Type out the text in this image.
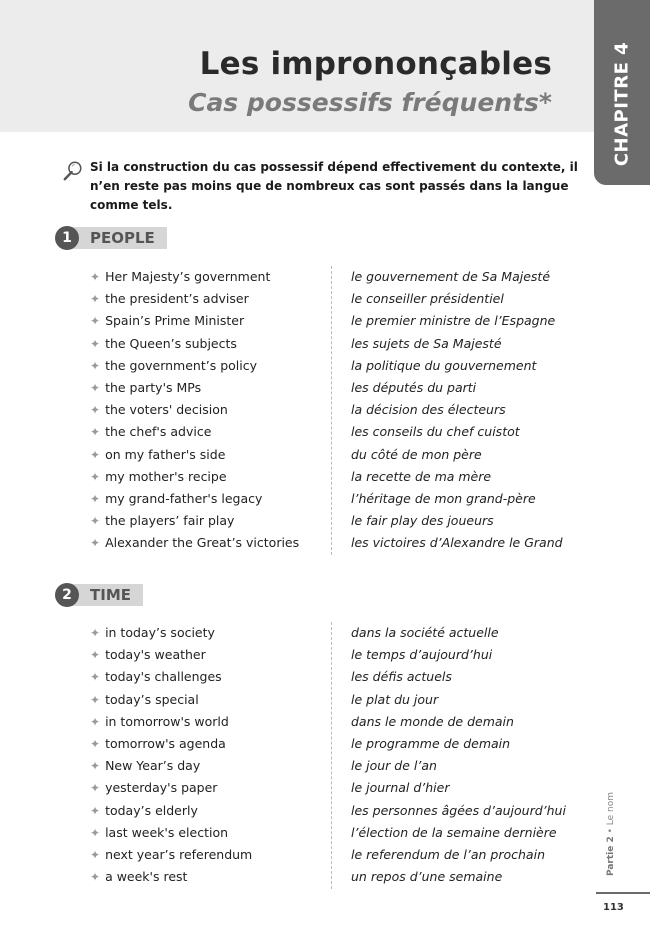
Les imprononçables
Cas possessifs fréquents*	CHAPITRE 4
Si la construction du cas possessif dépend effectivement du contexte, il n’en reste pas moins que de nombreux cas sont passés dans la langue comme tels.
PEOPLE
1
✦ Her Majesty’s government	le gouvernement de Sa Majesté
✦ the president’s adviser	le conseiller présidentiel
✦ Spain’s Prime Minister	le premier ministre de l’Espagne
✦ the Queen’s subjects	les sujets de Sa Majesté
✦ the government’s policy	la politique du gouvernement
✦ the party's MPs	les députés du parti
✦ the voters' decision	la décision des électeurs
✦ the chef's advice	les conseils du chef cuistot
✦ on my father's side	du côté de mon père
✦ my mother's recipe	la recette de ma mère
✦ my grand-father's legacy	l’héritage de mon grand-père
✦ the players’ fair play	le fair play des joueurs
✦ Alexander the Great’s victories	les victoires d’Alexandre le Grand
TIME
2
✦ in today’s society	dans la société actuelle
✦ today's weather	le temps d’aujourd’hui
✦ today's challenges	les défis actuels
✦ today’s special	le plat du jour
✦ in tomorrow's world	dans le monde de demain
✦ tomorrow's agenda	le programme de demain
✦ New Year’s day	le jour de l’an
✦ yesterday's paper	le journal d’hier
✦ today’s elderly	les personnes âgées d’aujourd’hui
✦ last week's election	l’élection de la semaine dernière
✦ next year’s referendum	le referendum de l’an prochain
✦ a week's rest	un repos d’une semaine
Partie 2 • Le nom
113
